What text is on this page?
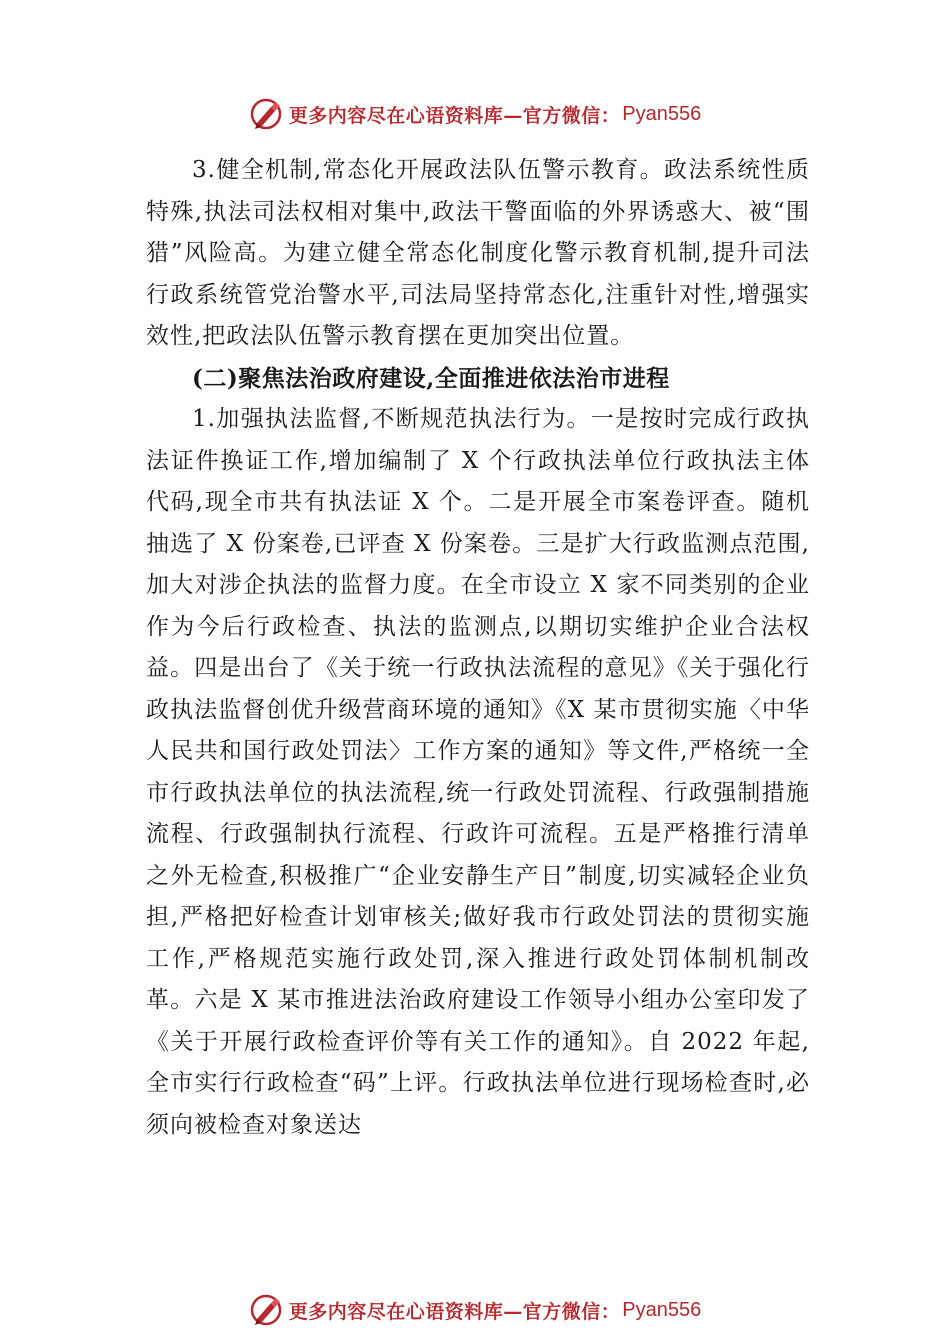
更多内容尽在心语资料库—官方微信： Pyan556

3.健全机制,常态化开展政法队伍警示教育。政法系统性质特殊,执法司法权相对集中,政法干警面临的外界诱惑大、被“围猎”风险高。为建立健全常态化制度化警示教育机制,提升司法行政系统管党治警水平,司法局坚持常态化,注重针对性,增强实效性,把政法队伍警示教育摆在更加突出位置。

(二)聚焦法治政府建设,全面推进依法治市进程

1.加强执法监督,不断规范执法行为。一是按时完成行政执法证件换证工作,增加编制了 X 个行政执法单位行政执法主体代码,现全市共有执法证 X 个。二是开展全市案卷评查。随机抽选了 X 份案卷,已评查 X 份案卷。三是扩大行政监测点范围,加大对涉企执法的监督力度。在全市设立 X 家不同类别的企业作为今后行政检查、执法的监测点,以期切实维护企业合法权益。四是出台了《关于统一行政执法流程的意见》《关于强化行政执法监督创优升级营商环境的通知》《X 某市贯彻实施〈中华人民共和国行政处罚法〉工作方案的通知》等文件,严格统一全市行政执法单位的执法流程,统一行政处罚流程、行政强制措施流程、行政强制执行流程、行政许可流程。五是严格推行清单之外无检查,积极推广“企业安静生产日”制度,切实减轻企业负担,严格把好检查计划审核关;做好我市行政处罚法的贯彻实施工作,严格规范实施行政处罚,深入推进行政处罚体制机制改革。六是 X 某市推进法治政府建设工作领导小组办公室印发了《关于开展行政检查评价等有关工作的通知》。自 2022 年起,全市实行行政检查“码”上评。行政执法单位进行现场检查时,必须向被检查对象送达

更多内容尽在心语资料库—官方微信： Pyan556
